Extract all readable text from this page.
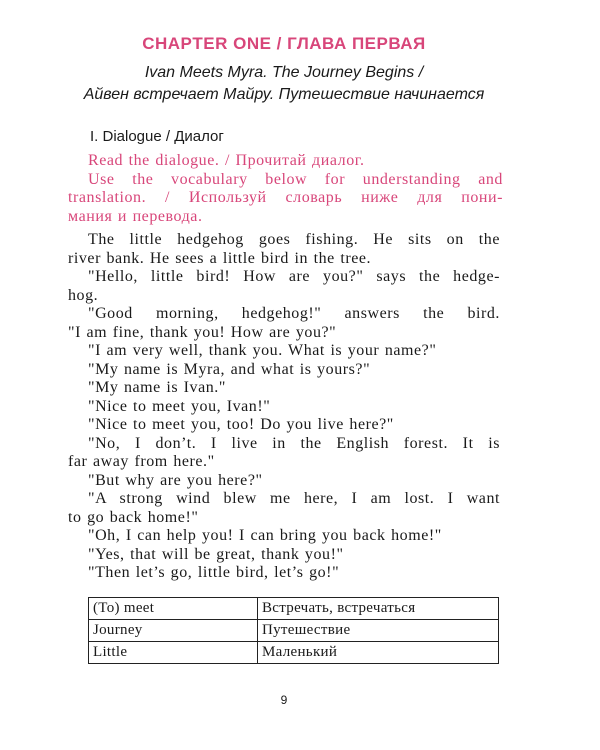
CHAPTER ONE / ГЛАВА ПЕРВАЯ
Ivan Meets Myra. The Journey Begins /
Айвен встречает Майру. Путешествие начинается
I. Dialogue / Диалог
Read the dialogue. / Прочитай диалог.
Use the vocabulary below for understanding and
translation. / Используй словарь ниже для пони-
мания и перевода.
The little hedgehog goes fishing. He sits on the
river bank. He sees a little bird in the tree.
"Hello, little bird! How are you?" says the hedge-
hog.
"Good morning, hedgehog!" answers the bird.
"I am fine, thank you! How are you?"
"I am very well, thank you. What is your name?"
"My name is Myra, and what is yours?"
"My name is Ivan."
"Nice to meet you, Ivan!"
"Nice to meet you, too! Do you live here?"
"No, I don’t. I live in the English forest. It is
far away from here."
"But why are you here?"
"A strong wind blew me here, I am lost. I want
to go back home!"
"Oh, I can help you! I can bring you back home!"
"Yes, that will be great, thank you!"
"Then let’s go, little bird, let’s go!"
(To) meet	Встречать, встречаться
Journey	Путешествие
Little	Маленький
9
